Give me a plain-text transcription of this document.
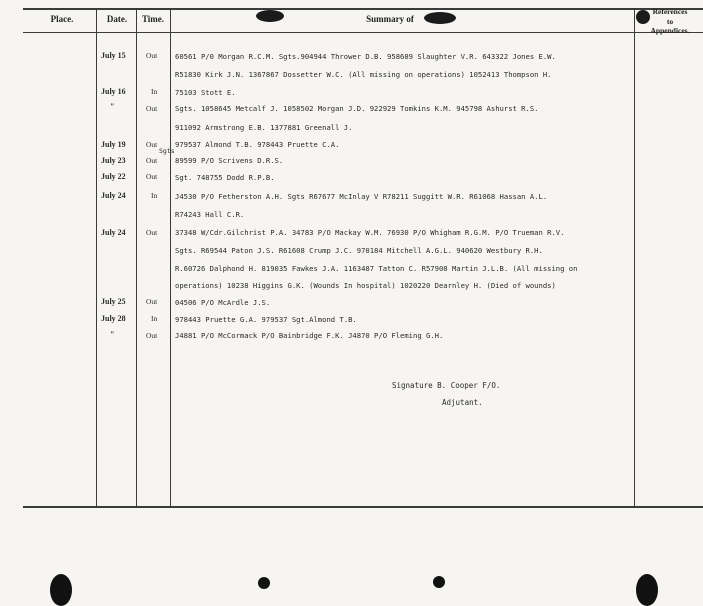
Place.	Date.	Time.	Summary of
References
to
Appendices.
July 15	Out 60561 P/0 Morgan R.C.M. Sgts.904944 Thrower D.B. 958689 Slaughter V.R. 643322 Jones E.W.
R51830 Kirk J.N. 1367867 Dossetter W.C. (All missing on operations) 1052413 Thompson H.
July 16	In 75103 Stott E.
"	Out Sgts. 1058645 Metcalf J. 1058502 Morgan J.D. 922929 Tomkins K.M. 945798 Ashurst R.S.
911092 Armstrong E.B. 1377881 Greenall J.
July 19	Out 979537 Almond T.B. 978443 Pruette C.A.
Sgts
July 23	Out 89599 P/O Scrivens D.R.S.
July 22	Out Sgt. 748755 Dodd R.P.B.
July 24	In J4530 P/O Fetherston A.H. Sgts R67677 McInlay V R78211 Suggitt W.R. R61068 Hassan A.L.
R74243 Hall C.R.
July 24	Out 37348 W/Cdr.Gilchrist P.A. 34783 P/O Mackay W.M. 76930 P/O Whigham R.G.M. P/O Trueman R.V.
Sgts. R69544 Paton J.S. R61608 Crump J.C. 970184 Mitchell A.G.L. 940620 Westbury R.H.
R.60726 Dalphond H. 819035 Fawkes J.A. 1163487 Tatton C. R57908 Martin J.L.B. (All missing on
operations) 10238 Higgins G.K. (Wounds In hospital) 1020220 Dearnley H. (Died of wounds)
July 25	Out 04506 P/O McArdle J.S.
July 28	In 978443 Pruette G.A. 979537 Sgt.Almond T.B.
"	Out J4881 P/O McCormack P/O Bainbridge F.K. J4870 P/O Fleming G.H.
Signature B. Cooper F/O.
Adjutant.
